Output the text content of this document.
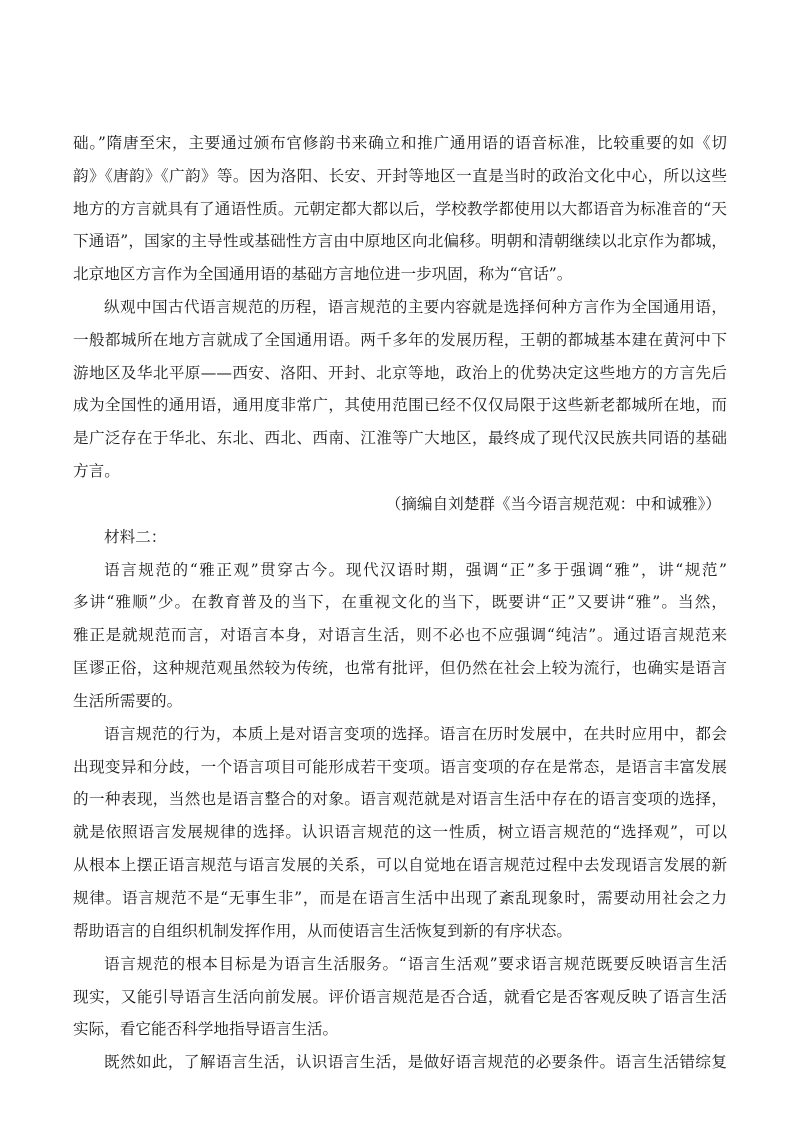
础。”隋唐至宋，主要通过颁布官修韵书来确立和推广通用语的语音标准，比较重要的如《切
韵》《唐韵》《广韵》等。因为洛阳、长安、开封等地区一直是当时的政治文化中心，所以这些
地方的方言就具有了通语性质。元朝定都大都以后，学校教学都使用以大都语音为标准音的“天
下通语”，国家的主导性或基础性方言由中原地区向北偏移。明朝和清朝继续以北京作为都城，
北京地区方言作为全国通用语的基础方言地位进一步巩固，称为“官话”。
纵观中国古代语言规范的历程，语言规范的主要内容就是选择何种方言作为全国通用语，
一般都城所在地方言就成了全国通用语。两千多年的发展历程，王朝的都城基本建在黄河中下
游地区及华北平原——西安、洛阳、开封、北京等地，政治上的优势决定这些地方的方言先后
成为全国性的通用语，通用度非常广，其使用范围已经不仅仅局限于这些新老都城所在地，而
是广泛存在于华北、东北、西北、西南、江淮等广大地区，最终成了现代汉民族共同语的基础
方言。
（摘编自刘楚群《当今语言规范观：中和诚雅》）
材料二：
语言规范的“雅正观”贯穿古今。现代汉语时期，强调“正”多于强调“雅”，讲“规范”
多讲“雅顺”少。在教育普及的当下，在重视文化的当下，既要讲“正”又要讲“雅”。当然，
雅正是就规范而言，对语言本身，对语言生活，则不必也不应强调“纯洁”。通过语言规范来
匡谬正俗，这种规范观虽然较为传统，也常有批评，但仍然在社会上较为流行，也确实是语言
生活所需要的。
语言规范的行为，本质上是对语言变项的选择。语言在历时发展中，在共时应用中，都会
出现变异和分歧，一个语言项目可能形成若干变项。语言变项的存在是常态，是语言丰富发展
的一种表现，当然也是语言整合的对象。语言观范就是对语言生活中存在的语言变项的选择，
就是依照语言发展规律的选择。认识语言规范的这一性质，树立语言规范的“选择观”，可以
从根本上摆正语言规范与语言发展的关系，可以自觉地在语言规范过程中去发现语言发展的新
规律。语言规范不是“无事生非”，而是在语言生活中出现了紊乱现象时，需要动用社会之力
帮助语言的自组织机制发挥作用，从而使语言生活恢复到新的有序状态。
语言规范的根本目标是为语言生活服务。“语言生活观”要求语言规范既要反映语言生活
现实，又能引导语言生活向前发展。评价语言规范是否合适，就看它是否客观反映了语言生活
实际，看它能否科学地指导语言生活。
既然如此，了解语言生活，认识语言生活，是做好语言规范的必要条件。语言生活错综复
